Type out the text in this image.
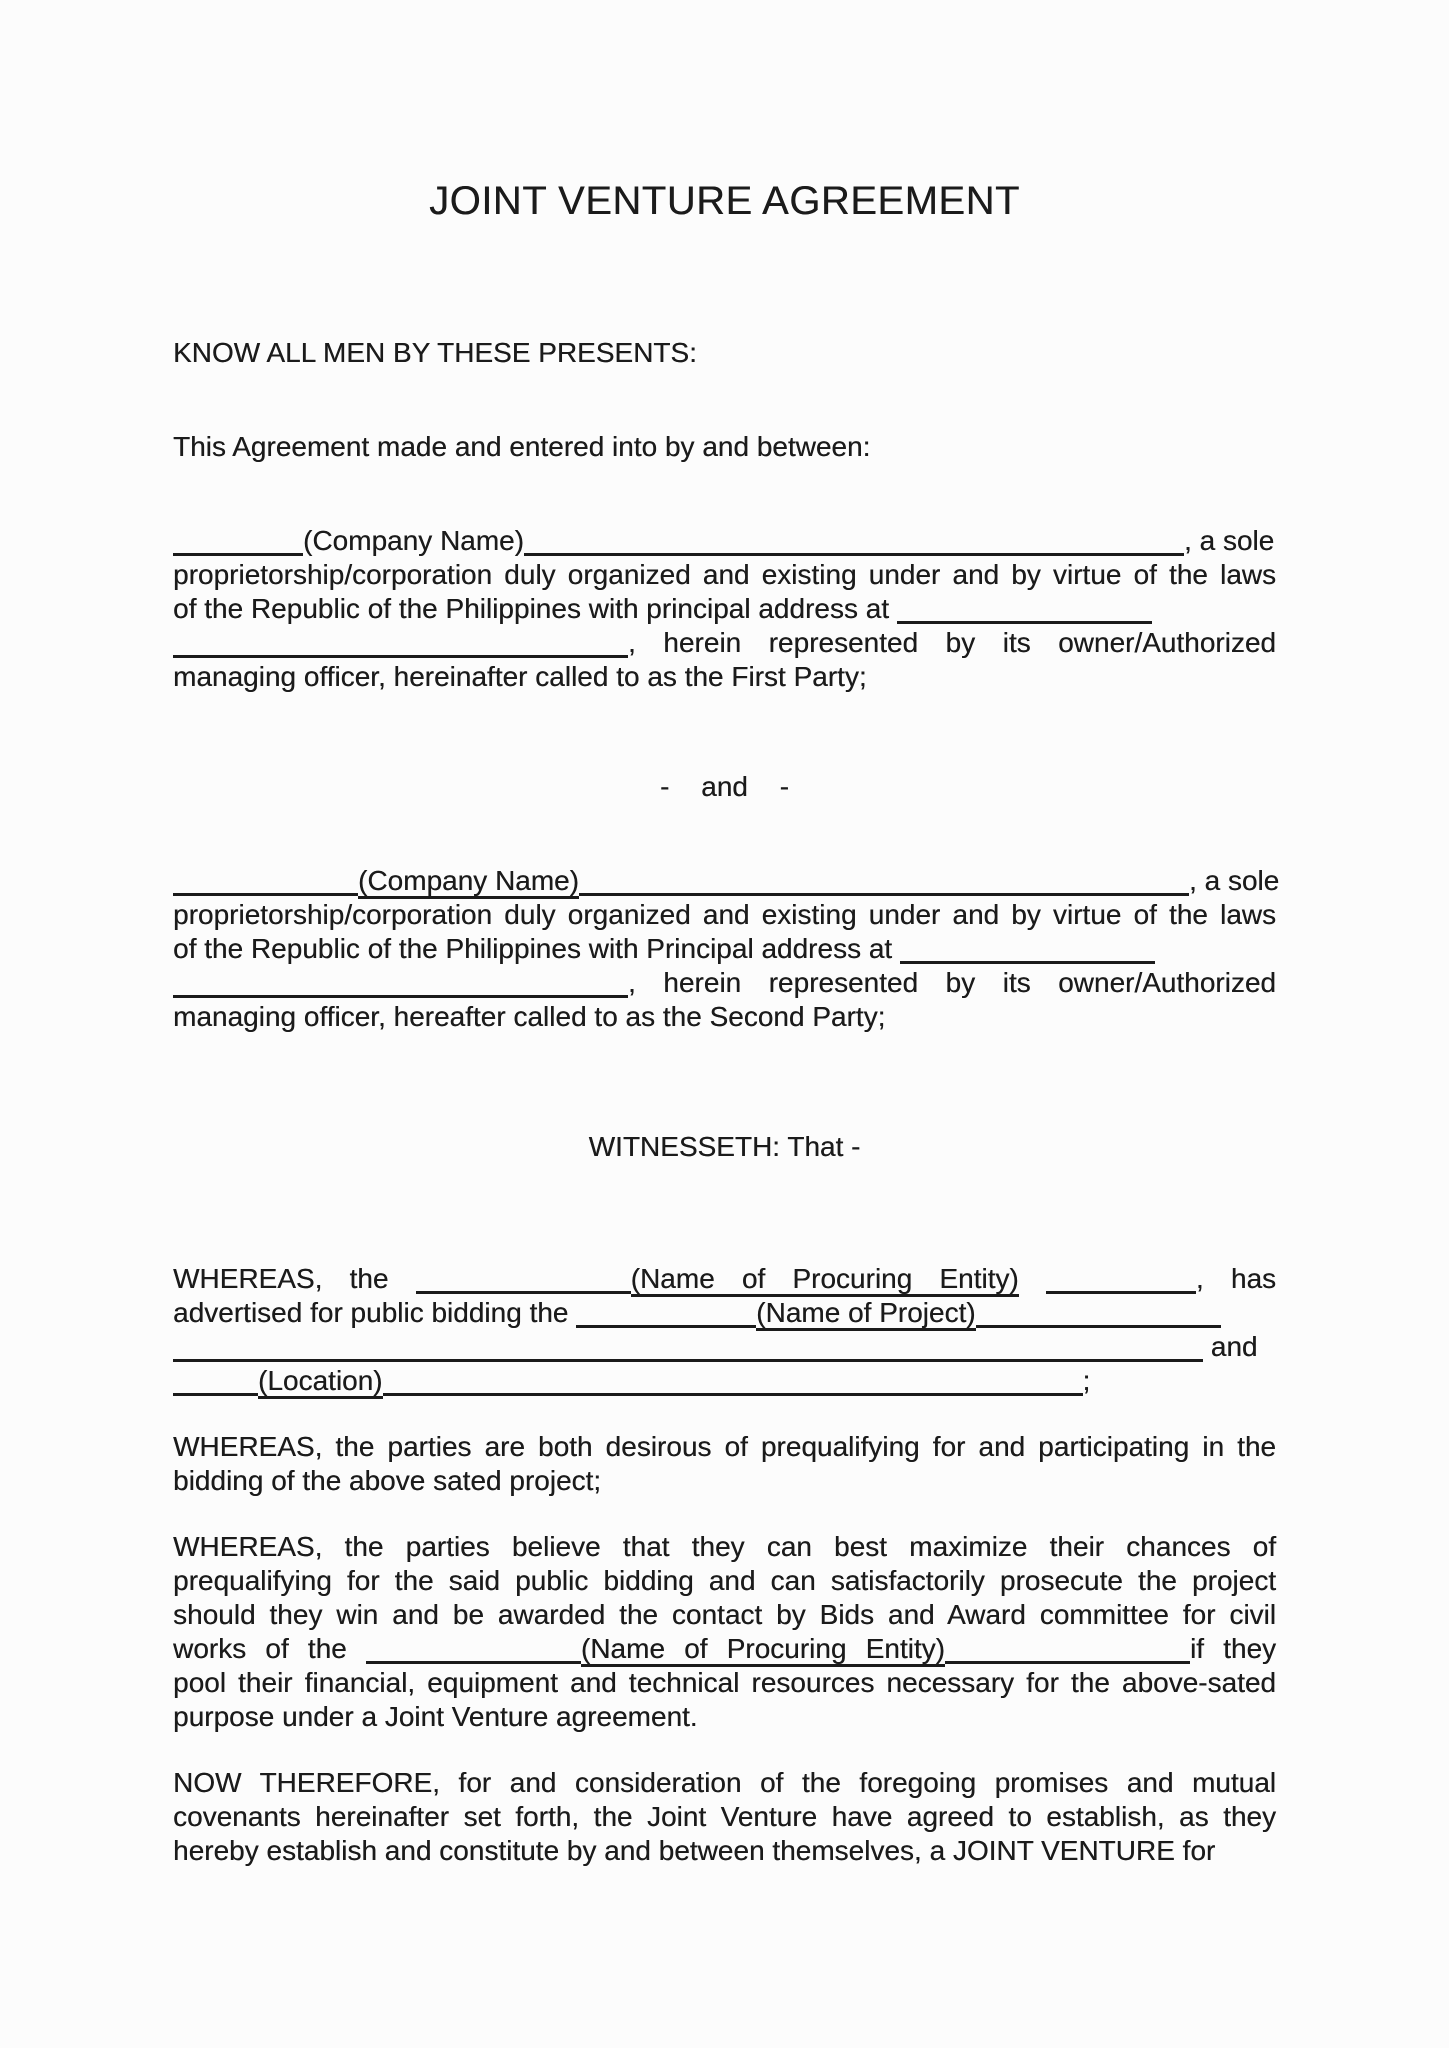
JOINT VENTURE AGREEMENT
KNOW ALL MEN BY THESE PRESENTS:
This Agreement made and entered into by and between:
(Company Name)	, a sole
proprietorship/corporation duly organized and existing under and by virtue of the laws
of the Republic of the Philippines with principal address at
, herein represented by its owner/Authorized
managing officer, hereinafter called to as the First Party;
- and -
(Company Name)	, a sole
proprietorship/corporation duly organized and existing under and by virtue of the laws
of the Republic of the Philippines with Principal address at
, herein represented by its owner/Authorized
managing officer, hereafter called to as the Second Party;
WITNESSETH: That -
WHEREAS, the	(Name of Procuring Entity)	, has
advertised for public bidding the	(Name of Project)
and
(Location)	;
WHEREAS, the parties are both desirous of prequalifying for and participating in the
bidding of the above sated project;
WHEREAS, the parties believe that they can best maximize their chances of
prequalifying for the said public bidding and can satisfactorily prosecute the project
should they win and be awarded the contact by Bids and Award committee for civil
works of the	(Name of Procuring Entity)	if they
pool their financial, equipment and technical resources necessary for the above-sated
purpose under a Joint Venture agreement.
NOW THEREFORE, for and consideration of the foregoing promises and mutual
covenants hereinafter set forth, the Joint Venture have agreed to establish, as they
hereby establish and constitute by and between themselves, a JOINT VENTURE for
